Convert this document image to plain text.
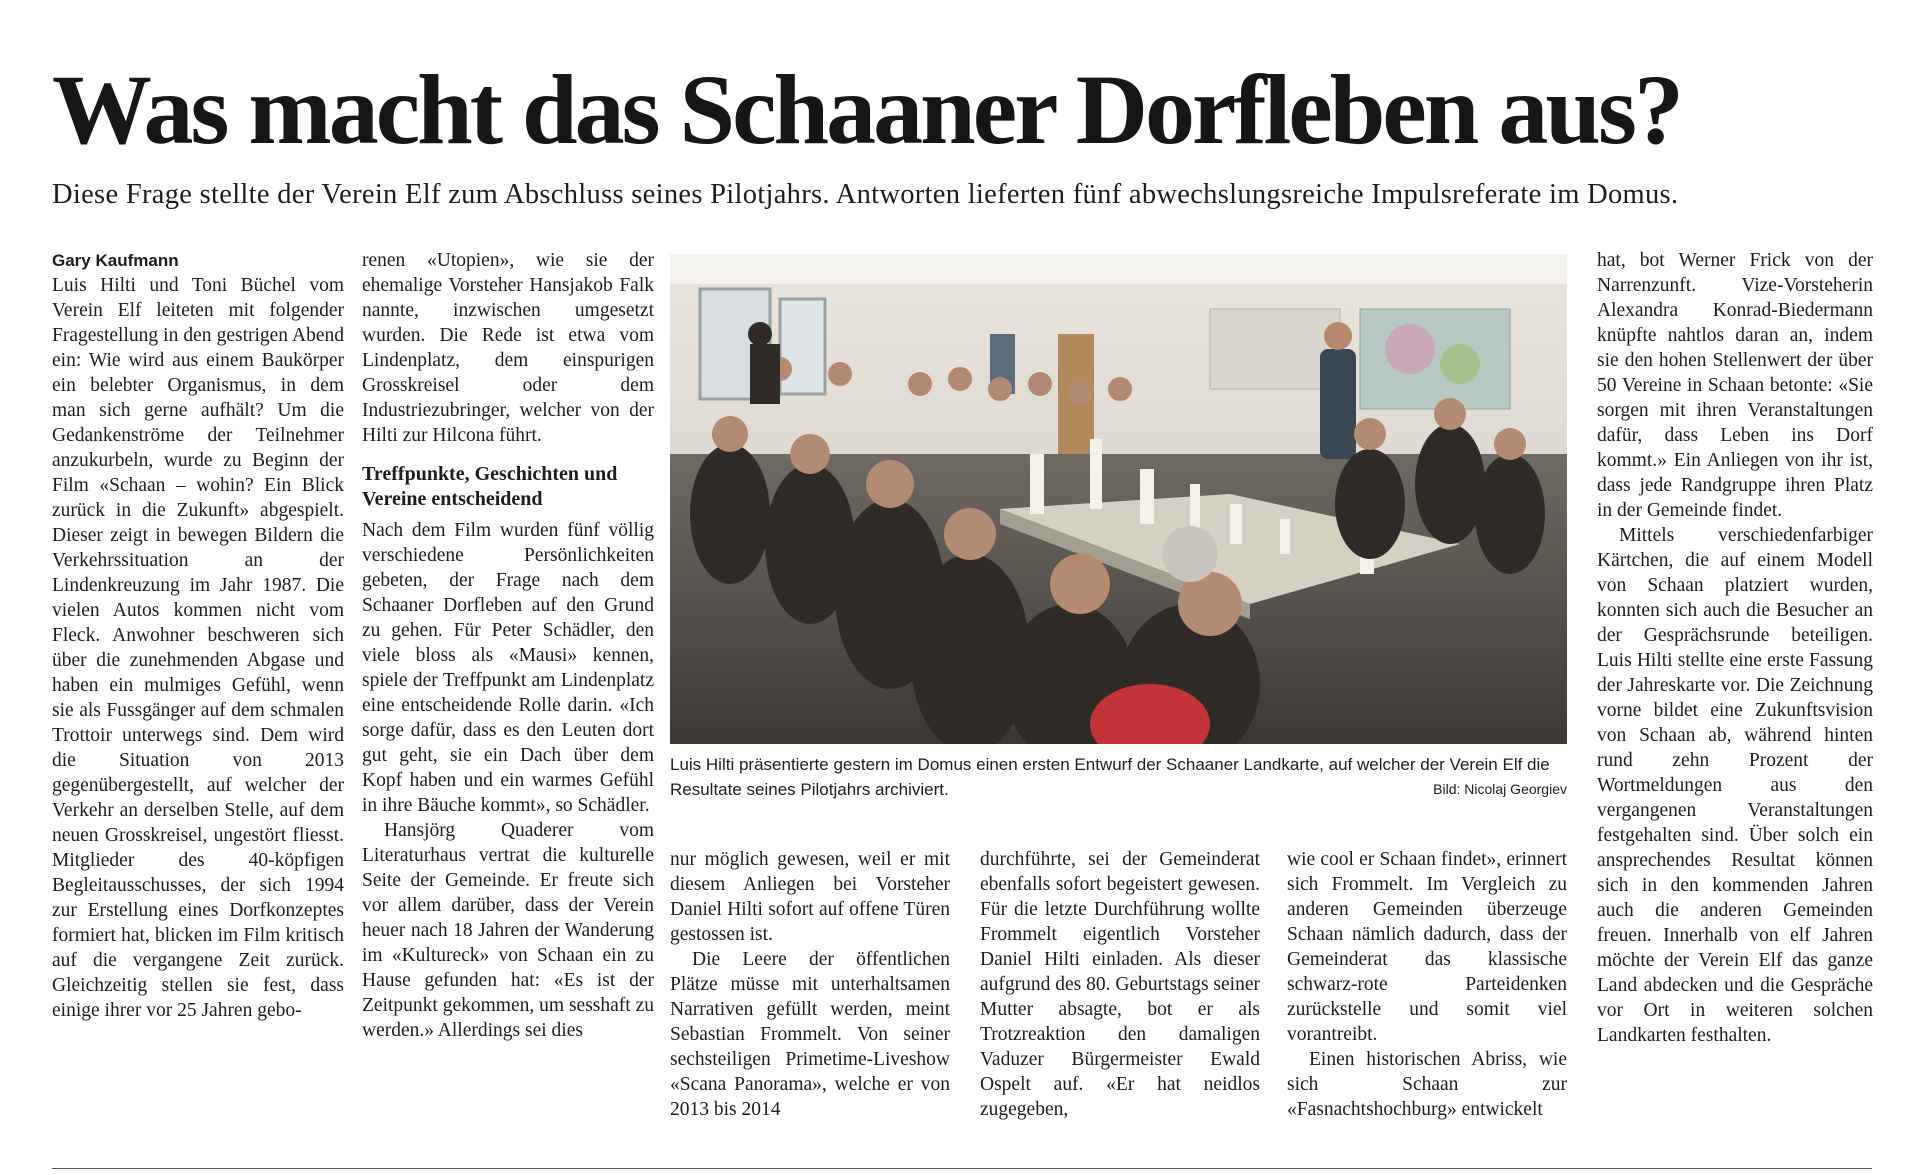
Was macht das Schaaner Dorfleben aus?

Diese Frage stellte der Verein Elf zum Abschluss seines Pilotjahrs. Antworten lieferten fünf abwechslungsreiche Impulsreferate im Domus.

Gary Kaufmann

Luis Hilti und Toni Büchel vom Verein Elf leiteten mit folgender Fragestellung in den gestrigen Abend ein: Wie wird aus einem Baukörper ein belebter Organismus, in dem man sich gerne aufhält? Um die Gedankenströme der Teilnehmer anzukurbeln, wurde zu Beginn der Film «Schaan – wohin? Ein Blick zurück in die Zukunft» abgespielt. Dieser zeigt in bewegen Bildern die Verkehrssituation an der Lindenkreuzung im Jahr 1987. Die vielen Autos kommen nicht vom Fleck. Anwohner beschweren sich über die zunehmenden Abgase und haben ein mulmiges Gefühl, wenn sie als Fussgänger auf dem schmalen Trottoir unterwegs sind. Dem wird die Situation von 2013 gegenübergestellt, auf welcher der Verkehr an derselben Stelle, auf dem neuen Grosskreisel, ungestört fliesst. Mitglieder des 40-köpfigen Begleitausschusses, der sich 1994 zur Erstellung eines Dorfkonzeptes formiert hat, blicken im Film kritisch auf die vergangene Zeit zurück. Gleichzeitig stellen sie fest, dass einige ihrer vor 25 Jahren gebo-

renen «Utopien», wie sie der ehemalige Vorsteher Hansjakob Falk nannte, inzwischen umgesetzt wurden. Die Rede ist etwa vom Lindenplatz, dem einspurigen Grosskreisel oder dem Industriezubringer, welcher von der Hilti zur Hilcona führt.

Treffpunkte, Geschichten und Vereine entscheidend

Nach dem Film wurden fünf völlig verschiedene Persönlichkeiten gebeten, der Frage nach dem Schaaner Dorfleben auf den Grund zu gehen. Für Peter Schädler, den viele bloss als «Mausi» kennen, spiele der Treffpunkt am Lindenplatz eine entscheidende Rolle darin. «Ich sorge dafür, dass es den Leuten dort gut geht, sie ein Dach über dem Kopf haben und ein warmes Gefühl in ihre Bäuche kommt», so Schädler.

Hansjörg Quaderer vom Literaturhaus vertrat die kulturelle Seite der Gemeinde. Er freute sich vor allem darüber, dass der Verein heuer nach 18 Jahren der Wanderung im «Kultureck» von Schaan ein zu Hause gefunden hat: «Es ist der Zeitpunkt gekommen, um sesshaft zu werden.» Allerdings sei dies

Luis Hilti präsentierte gestern im Domus einen ersten Entwurf der Schaaner Landkarte, auf welcher der Verein Elf die Resultate seines Pilotjahrs archiviert.	Bild: Nicolaj Georgiev

nur möglich gewesen, weil er mit diesem Anliegen bei Vorsteher Daniel Hilti sofort auf offene Türen gestossen ist.

Die Leere der öffentlichen Plätze müsse mit unterhaltsamen Narrativen gefüllt werden, meint Sebastian Frommelt. Von seiner sechsteiligen Primetime-Liveshow «Scana Panorama», welche er von 2013 bis 2014

durchführte, sei der Gemeinderat ebenfalls sofort begeistert gewesen. Für die letzte Durchführung wollte Frommelt eigentlich Vorsteher Daniel Hilti einladen. Als dieser aufgrund des 80. Geburtstags seiner Mutter absagte, bot er als Trotzreaktion den damaligen Vaduzer Bürgermeister Ewald Ospelt auf. «Er hat neidlos zugegeben,

wie cool er Schaan findet», erinnert sich Frommelt. Im Vergleich zu anderen Gemeinden überzeuge Schaan nämlich dadurch, dass der Gemeinderat das klassische schwarz-rote Parteidenken zurückstelle und somit viel vorantreibt.

Einen historischen Abriss, wie sich Schaan zur «Fasnachtshochburg» entwickelt

hat, bot Werner Frick von der Narrenzunft. Vize-Vorsteherin Alexandra Konrad-Biedermann knüpfte nahtlos daran an, indem sie den hohen Stellenwert der über 50 Vereine in Schaan betonte: «Sie sorgen mit ihren Veranstaltungen dafür, dass Leben ins Dorf kommt.» Ein Anliegen von ihr ist, dass jede Randgruppe ihren Platz in der Gemeinde findet.

Mittels verschiedenfarbiger Kärtchen, die auf einem Modell von Schaan platziert wurden, konnten sich auch die Besucher an der Gesprächsrunde beteiligen. Luis Hilti stellte eine erste Fassung der Jahreskarte vor. Die Zeichnung vorne bildet eine Zukunftsvision von Schaan ab, während hinten rund zehn Prozent der Wortmeldungen aus den vergangenen Veranstaltungen festgehalten sind. Über solch ein ansprechendes Resultat können sich in den kommenden Jahren auch die anderen Gemeinden freuen. Innerhalb von elf Jahren möchte der Verein Elf das ganze Land abdecken und die Gespräche vor Ort in weiteren solchen Landkarten festhalten.
